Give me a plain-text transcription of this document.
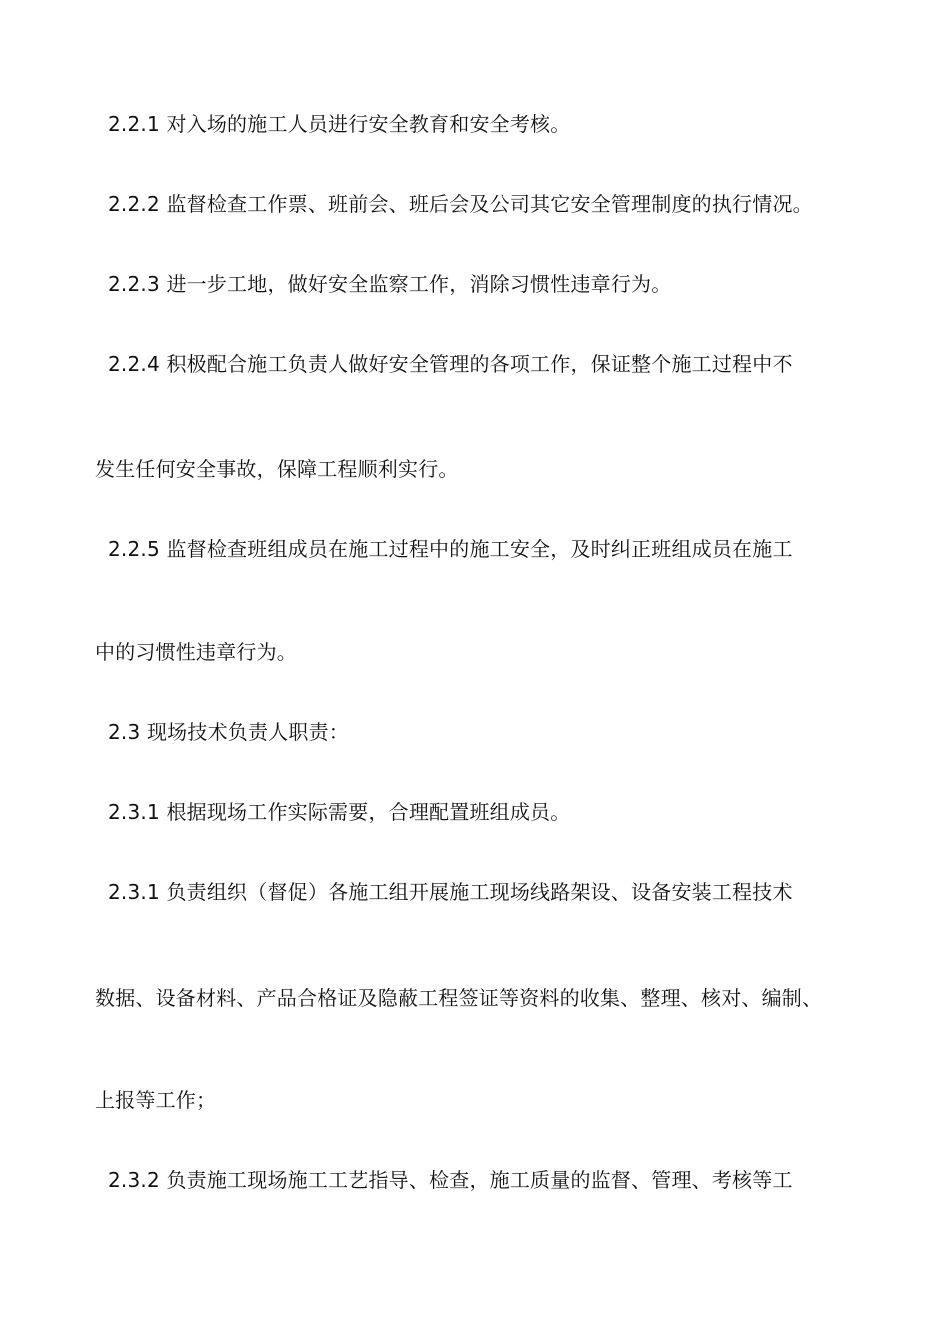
2.2.1 对入场的施工人员进行安全教育和安全考核。
2.2.2 监督检查工作票、班前会、班后会及公司其它安全管理制度的执行情况。
2.2.3 进一步工地，做好安全监察工作，消除习惯性违章行为。
2.2.4 积极配合施工负责人做好安全管理的各项工作，保证整个施工过程中不
发生任何安全事故，保障工程顺利实行。
2.2.5 监督检查班组成员在施工过程中的施工安全，及时纠正班组成员在施工
中的习惯性违章行为。
2.3 现场技术负责人职责：
2.3.1 根据现场工作实际需要，合理配置班组成员。
2.3.1 负责组织（督促）各施工组开展施工现场线路架设、设备安装工程技术
数据、设备材料、产品合格证及隐蔽工程签证等资料的收集、整理、核对、编制、
上报等工作；
2.3.2 负责施工现场施工工艺指导、检查，施工质量的监督、管理、考核等工
